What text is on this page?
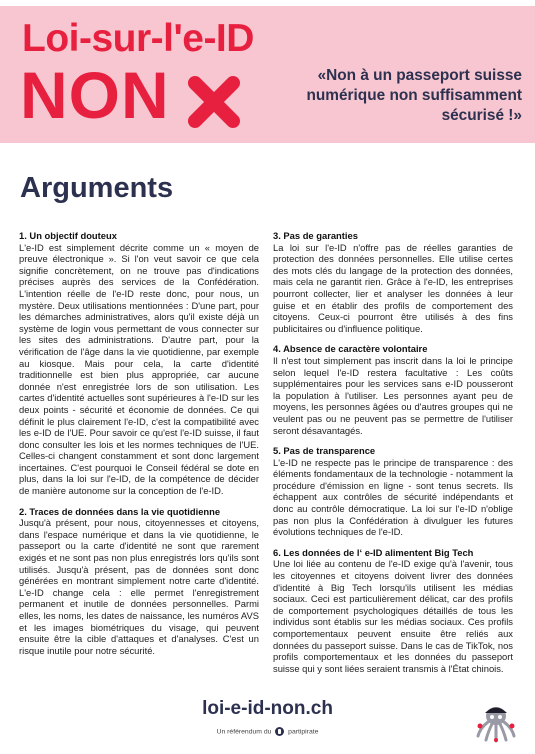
Loi-sur-l'e-ID
NON	«Non à un passeport suisse numérique non suffisamment sécurisé !»
Arguments
1. Un objectif douteux

L'e-ID est simplement décrite comme un « moyen de preuve électronique ». Si l'on veut savoir ce que cela signifie concrètement, on ne trouve pas d'indications précises auprès des services de la Confédération. L'intention réelle de l'e-ID reste donc, pour nous, un mystère. Deux utilisations mentionnées : D'une part, pour les démarches administratives, alors qu'il existe déjà un système de login vous permettant de vous connecter sur les sites des administrations. D'autre part, pour la vérification de l'âge dans la vie quotidienne, par exemple au kiosque. Mais pour cela, la carte d'identité traditionnelle est bien plus appropriée, car aucune donnée n'est enregistrée lors de son utilisation. Les cartes d'identité actuelles sont supérieures à l'e-ID sur les deux points - sécurité et économie de données. Ce qui définit le plus clairement l'e-ID, c'est la compatibilité avec les e-ID de l'UE. Pour savoir ce qu'est l'e-ID suisse, il faut donc consulter les lois et les normes techniques de l'UE. Celles-ci changent constamment et sont donc largement incertaines. C'est pourquoi le Conseil fédéral se dote en plus, dans la loi sur l'e-ID, de la compétence de décider de manière autonome sur la conception de l'e-ID.

2. Traces de données dans la vie quotidienne

Jusqu'à présent, pour nous, citoyennesses et citoyens, dans l'espace numérique et dans la vie quotidienne, le passeport ou la carte d'identité ne sont que rarement exigés et ne sont pas non plus enregistrés lors qu'ils sont utilisés. Jusqu'à présent, pas de données sont donc générées en montrant simplement notre carte d'identité. L'e-ID change cela : elle permet l'enregistrement permanent et inutile de données personnelles. Parmi elles, les noms, les dates de naissance, les numéros AVS et les images biométriques du visage, qui peuvent ensuite être la cible d'attaques et d'analyses. C'est un risque inutile pour notre sécurité.

3. Pas de garanties

La loi sur l'e-ID n'offre pas de réelles garanties de protection des données personnelles. Elle utilise certes des mots clés du langage de la protection des données, mais cela ne garantit rien. Grâce à l'e-ID, les entreprises pourront collecter, lier et analyser les données à leur guise et en établir des profils de comportement des citoyens. Ceux-ci pourront être utilisés à des fins publicitaires ou d'influence politique.

4. Absence de caractère volontaire

Il n'est tout simplement pas inscrit dans la loi le principe selon lequel l'e-ID restera facultative : Les coûts supplémentaires pour les services sans e-ID pousseront la population à l'utiliser. Les personnes ayant peu de moyens, les personnes âgées ou d'autres groupes qui ne veulent pas ou ne peuvent pas se permettre de l'utiliser seront désavantagés.

5. Pas de transparence

L'e-ID ne respecte pas le principe de transparence : des éléments fondamentaux de la technologie - notamment la procédure d'émission en ligne - sont tenus secrets. Ils échappent aux contrôles de sécurité indépendants et donc au contrôle démocratique. La loi sur l'e-ID n'oblige pas non plus la Confédération à divulguer les futures évolutions techniques de l'e-ID.

6. Les données de l‘ e-ID alimentent Big Tech

Une loi liée au contenu de l'e-ID exige qu'à l'avenir, tous les citoyennes et citoyens doivent livrer des données d'identité à Big Tech lorsqu'ils utilisent les médias sociaux. Ceci est particulièrement délicat, car des profils de comportement psychologiques détaillés de tous les individus sont établis sur les médias sociaux. Ces profils comportementaux peuvent ensuite être reliés aux données du passeport suisse. Dans le cas de TikTok, nos profils comportementaux et les données du passeport suisse qui y sont liées seraient transmis à l'État chinois.

loi-e-id-non.ch
Un référendum du partipirate
